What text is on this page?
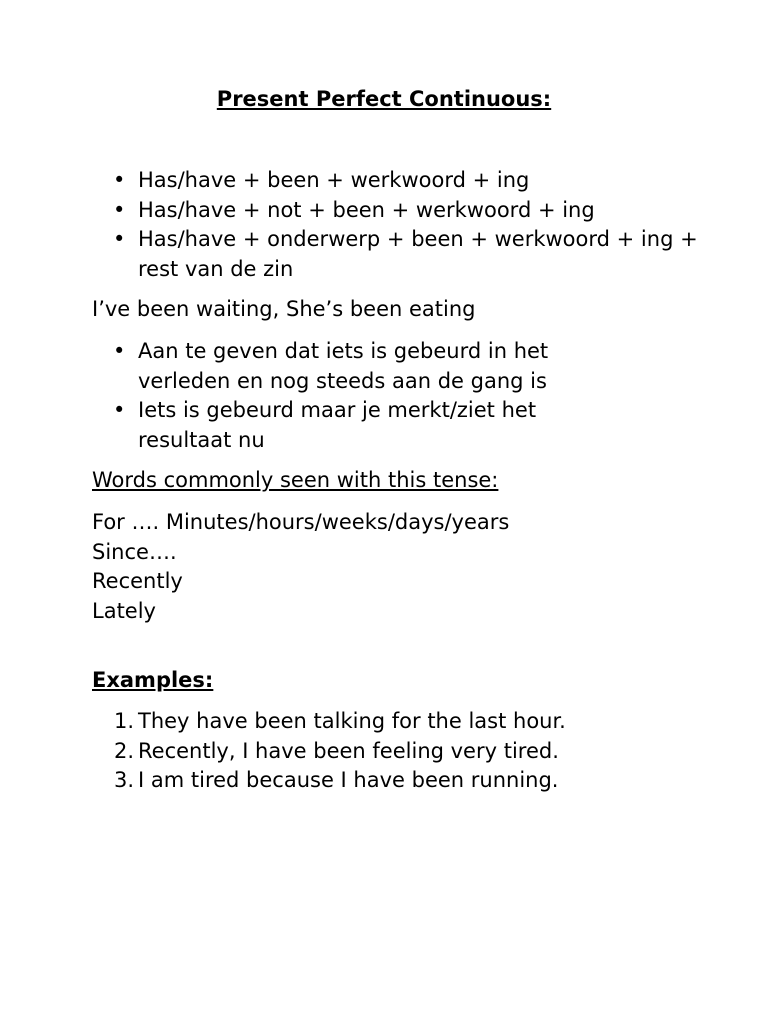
Present Perfect Continuous:
• Has/have + been + werkwoord + ing
• Has/have + not + been + werkwoord + ing
• Has/have + onderwerp + been + werkwoord + ing + rest van de zin

I’ve been waiting, She’s been eating

• Aan te geven dat iets is gebeurd in het verleden en nog steeds aan de gang is
• Iets is gebeurd maar je merkt/ziet het resultaat nu

Words commonly seen with this tense:

For …. Minutes/hours/weeks/days/years
Since….
Recently
Lately

Examples:

1. They have been talking for the last hour.
2. Recently, I have been feeling very tired.
3. I am tired because I have been running.
